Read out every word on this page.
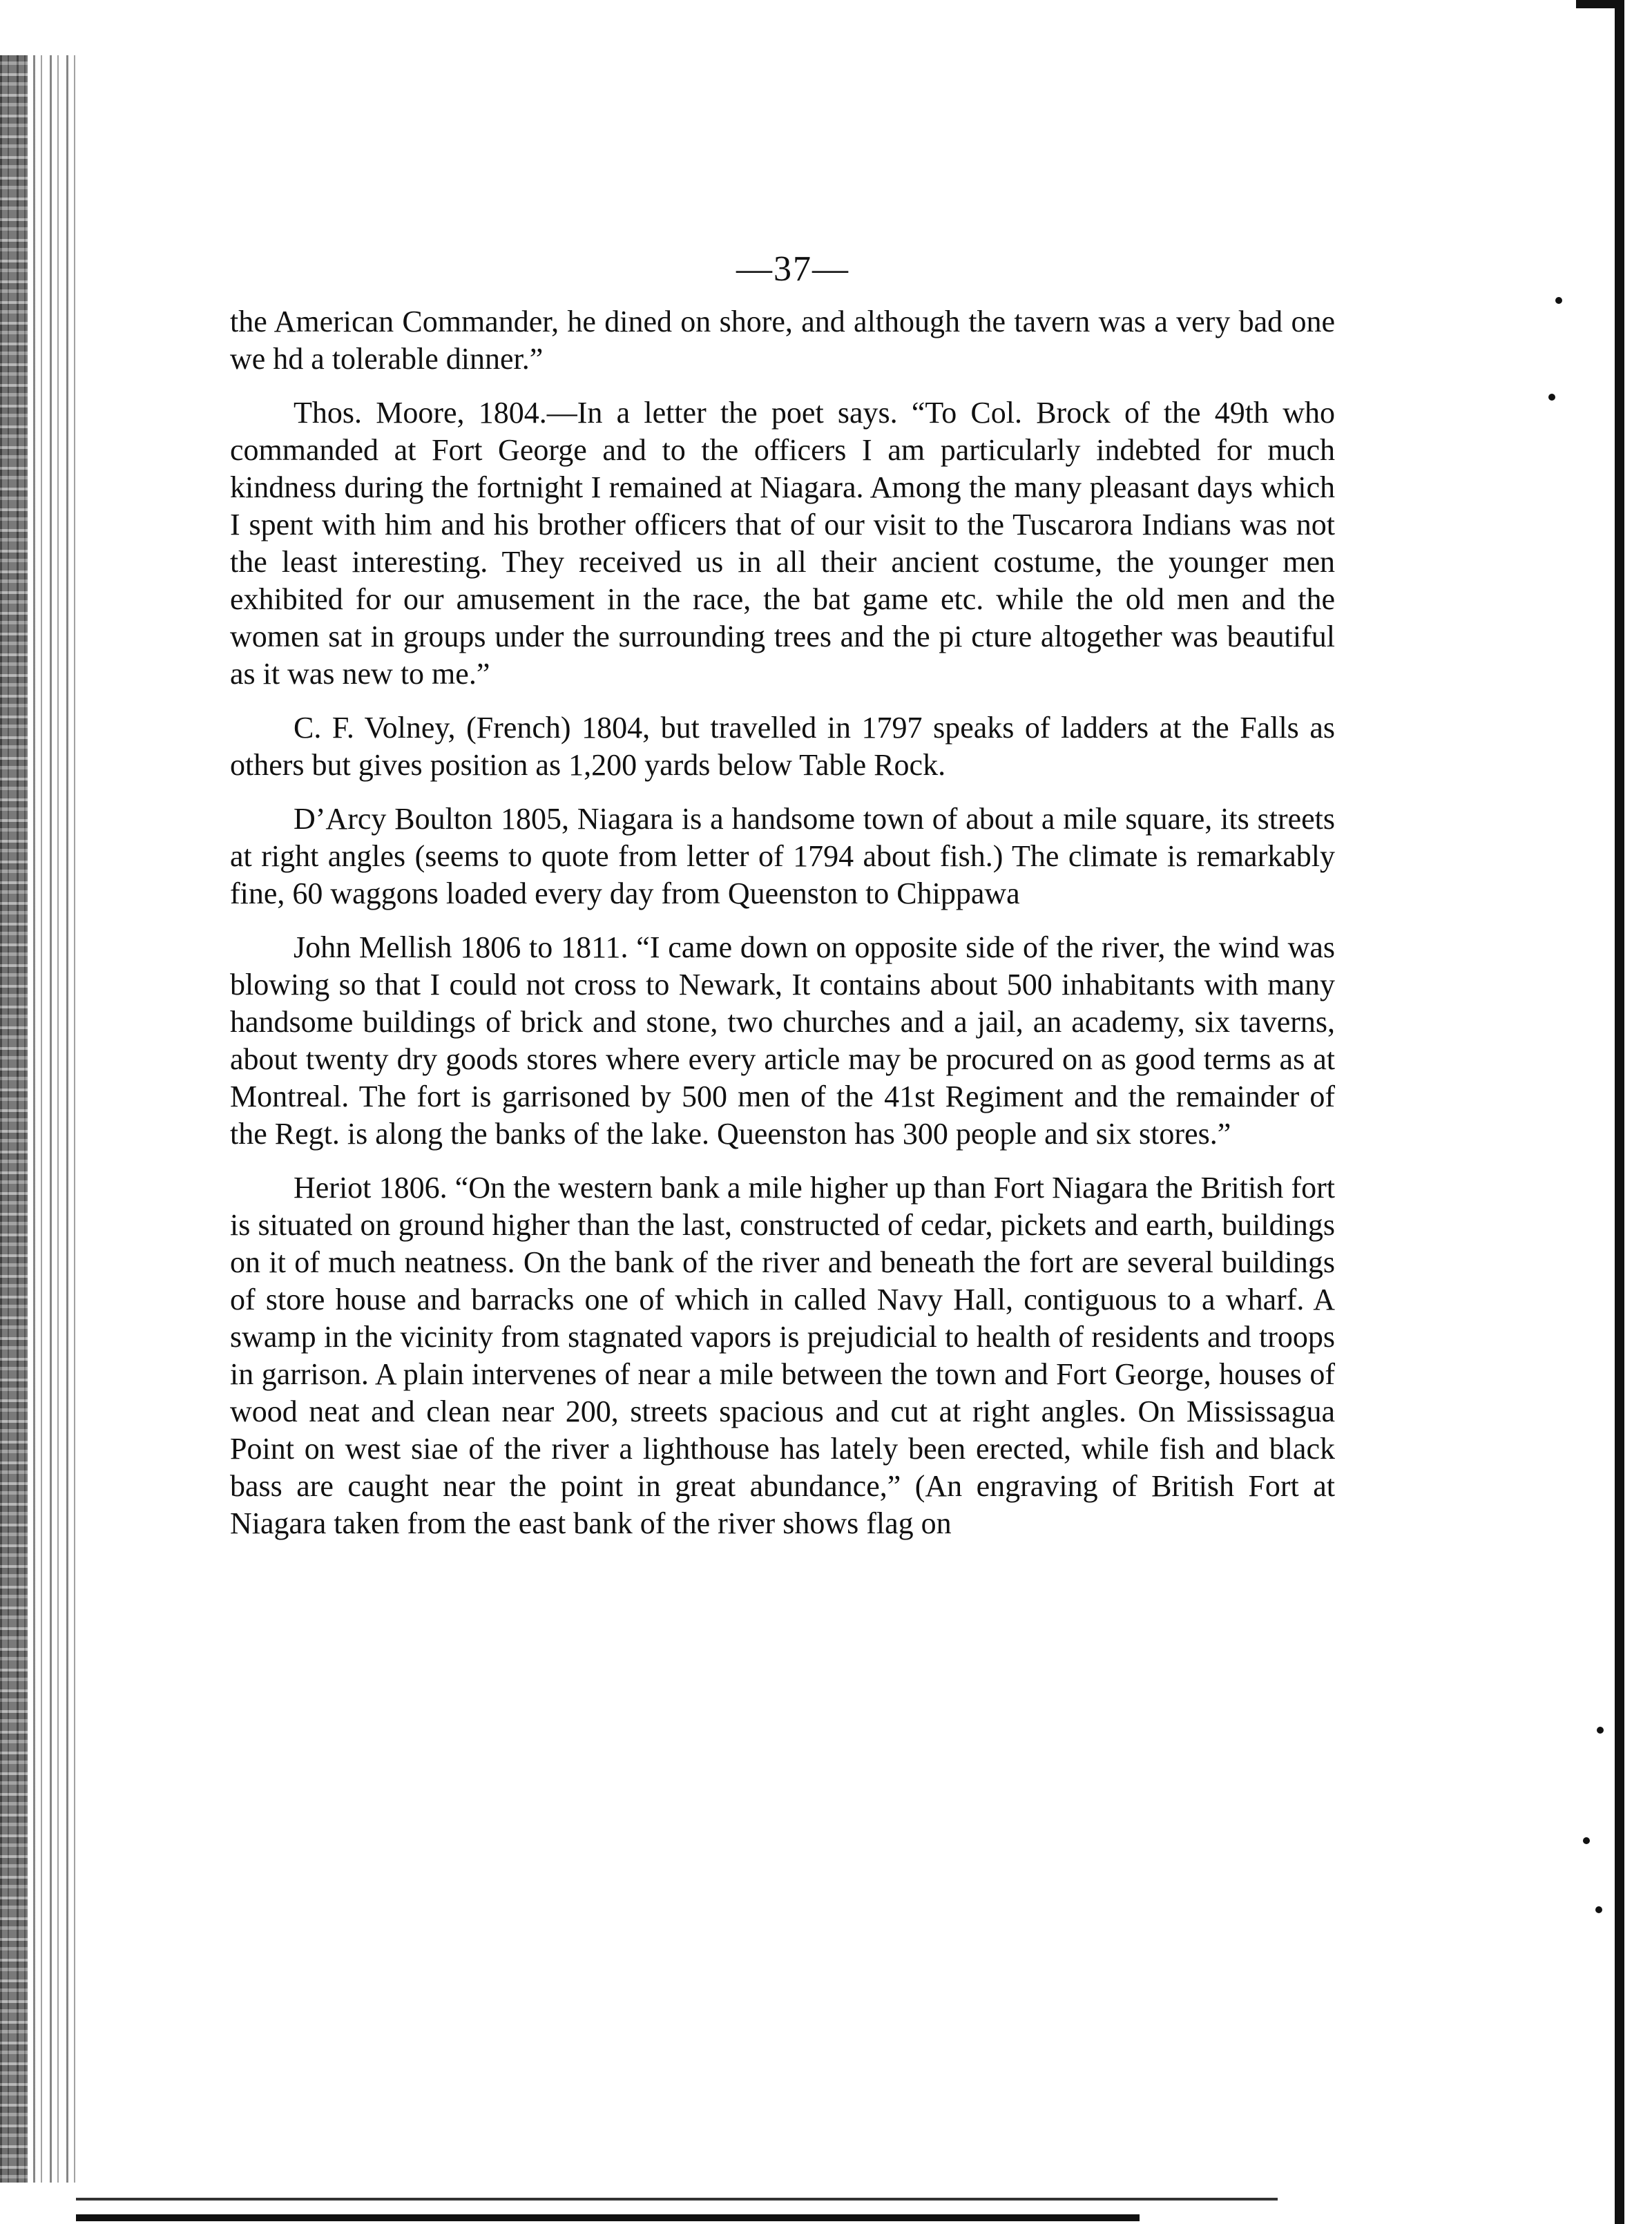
—37—

the American Commander, he dined on shore, and although the tavern was a very bad one we hd a tolerable dinner.”

Thos. Moore, 1804.—In a letter the poet says. “To Col. Brock of the 49th who commanded at Fort George and to the officers I am particularly indebted for much kindness during the fortnight I remained at Niagara. Among the many pleasant days which I spent with him and his brother officers that of our visit to the Tuscarora Indians was not the least interesting. They received us in all their ancient costume, the younger men exhibited for our amusement in the race, the bat game etc. while the old men and the women sat in groups under the surrounding trees and the pi cture altogether was beautiful as it was new to me.”

C. F. Volney, (French) 1804, but travelled in 1797 speaks of ladders at the Falls as others but gives position as 1,200 yards below Table Rock.

D’Arcy Boulton 1805, Niagara is a handsome town of about a mile square, its streets at right angles (seems to quote from letter of 1794 about fish.) The climate is remarkably fine, 60 waggons loaded every day from Queenston to Chippawa

John Mellish 1806 to 1811. “I came down on opposite side of the river, the wind was blowing so that I could not cross to Newark, It contains about 500 inhabitants with many handsome buildings of brick and stone, two churches and a jail, an academy, six taverns, about twenty dry goods stores where every article may be procured on as good terms as at Montreal. The fort is garrisoned by 500 men of the 41st Regiment and the remainder of the Regt. is along the banks of the lake. Queenston has 300 people and six stores.”

Heriot 1806. “On the western bank a mile higher up than Fort Niagara the British fort is situated on ground higher than the last, constructed of cedar, pickets and earth, buildings on it of much neatness. On the bank of the river and beneath the fort are several buildings of store house and barracks one of which in called Navy Hall, contiguous to a wharf. A swamp in the vicinity from stagnated vapors is prejudicial to health of residents and troops in garrison. A plain intervenes of near a mile between the town and Fort George, houses of wood neat and clean near 200, streets spacious and cut at right angles. On Mississagua Point on west siae of the river a lighthouse has lately been erected, while fish and black bass are caught near the point in great abundance,” (An engraving of British Fort at Niagara taken from the east bank of the river shows flag on
